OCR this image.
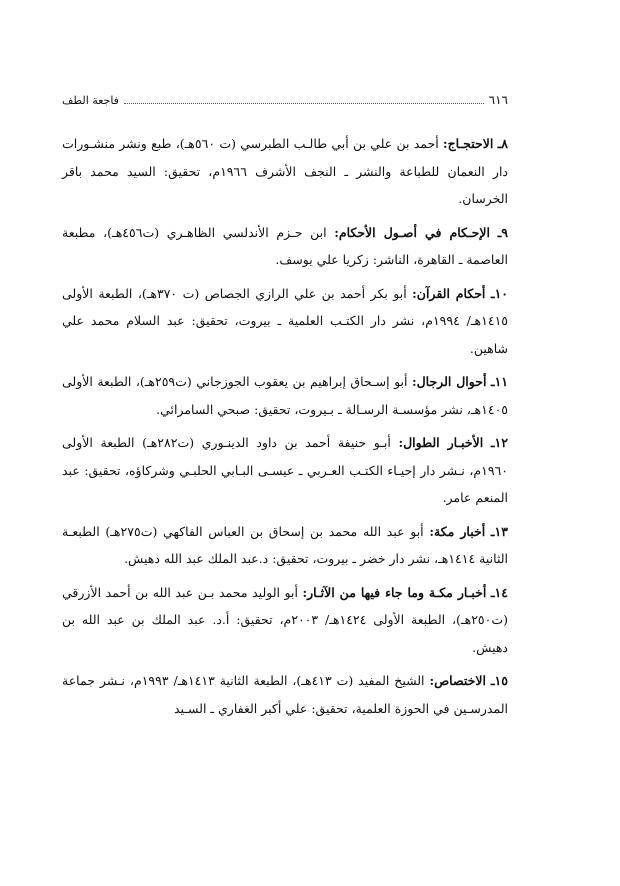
٦١٦
فاجعة الطف

٨ـ الاحتجـاج: أحمد بن علي بن أبي طالـب الطبرسي (ت ٥٦٠هـ)، طبع ونشر منشـورات دار النعمان للطباعة والنشر ـ النجف الأشرف ١٩٦٦م، تحقيق: السيد محمد باقر الخرسان.

٩ـ الإحـكام في أصـول الأحكام: ابن حـزم الأندلسي الظاهـري (ت٤٥٦هـ)، مطبعة العاصمة ـ القاهرة، الناشر: زكريا علي يوسف.

١٠ـ أحكام القرآن: أبو بكر أحمد بن علي الرازي الجصاص (ت ٣٧٠هـ)، الطبعة الأولى ١٤١٥هـ/ ١٩٩٤م، نشر دار الكتـب العلمية ـ بيروت، تحقيق: عبد السلام محمد علي شاهين.

١١ـ أحوال الرجال: أبو إسـحاق إبراهيم بن يعقوب الجوزجاني (ت٢٥٩هـ)، الطبعة الأولى ١٤٠٥هـ، نشر مؤسسـة الرسـالة ـ بـيروت، تحقيق: صبحي السامرائي.

١٢ـ الأخبـار الطوال: أبـو حنيفة أحمد بن داود الدينـوري (ت٢٨٢هـ) الطبعة الأولى ١٩٦٠م، نـشر دار إحيـاء الكتـب العـربي ـ عيسـى البـابي الحلبـي وشركاؤه، تحقيق: عبد المنعم عامر.

١٣ـ أخبار مكة: أبو عبد الله محمد بن إسحاق بن العباس الفاكهي (ت٢٧٥هـ) الطبعـة الثانية ١٤١٤هـ، نشر دار خضر ـ بيروت، تحقيق: د.عبد الملك عبد الله دهيش.

١٤ـ أخبـار مكـة وما جاء فيها من الآثـار: أبو الوليد محمد بـن عبد الله بن أحمد الأزرقي (ت٢٥٠هـ)، الطبعة الأولى ١٤٢٤هـ/ ٢٠٠٣م، تحقيق: أ.د. عبد الملك بن عبد الله بن دهيش.

١٥ـ الاختصاص: الشيخ المفيد (ت ٤١٣هـ)، الطبعة الثانية ١٤١٣هـ/ ١٩٩٣م، نـشر جماعة المدرسـين في الحوزة العلمية، تحقيق: علي أكبر الغفاري ـ السـيد
